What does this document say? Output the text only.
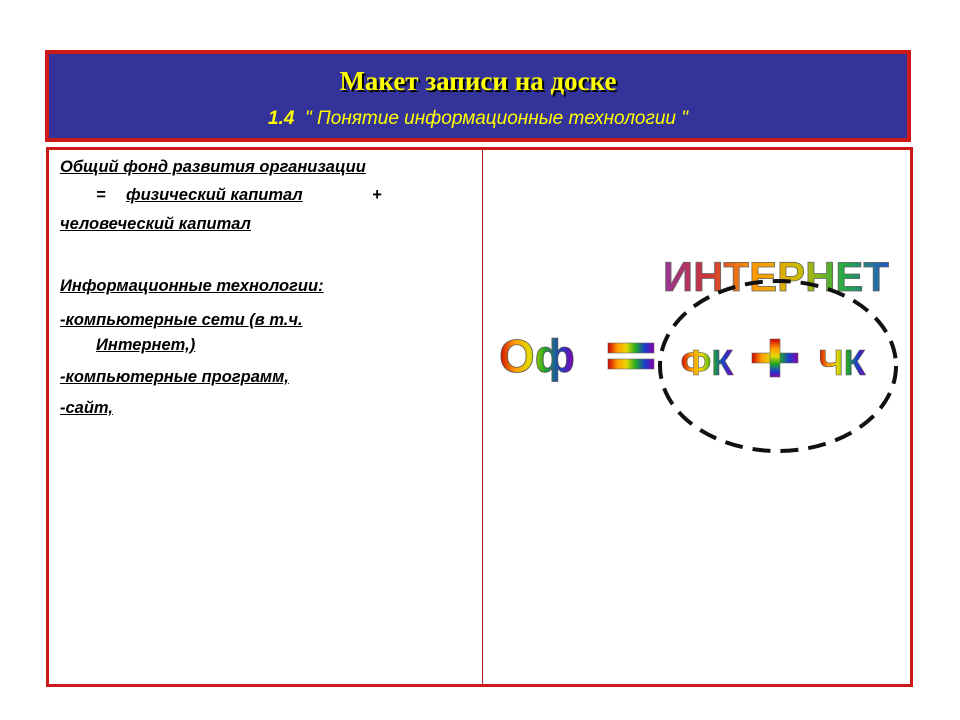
Макет записи на доске
1.4 " Понятие информационные технологии "
Общий фонд развития организации
= физический капитал	+
человеческий капитал
Информационные технологии:
-компьютерные сети (в т.ч.
Интернет,)
-компьютерные программ,
-сайт,
ИНТЕРНЕТ
Оф	ФК ЧК
